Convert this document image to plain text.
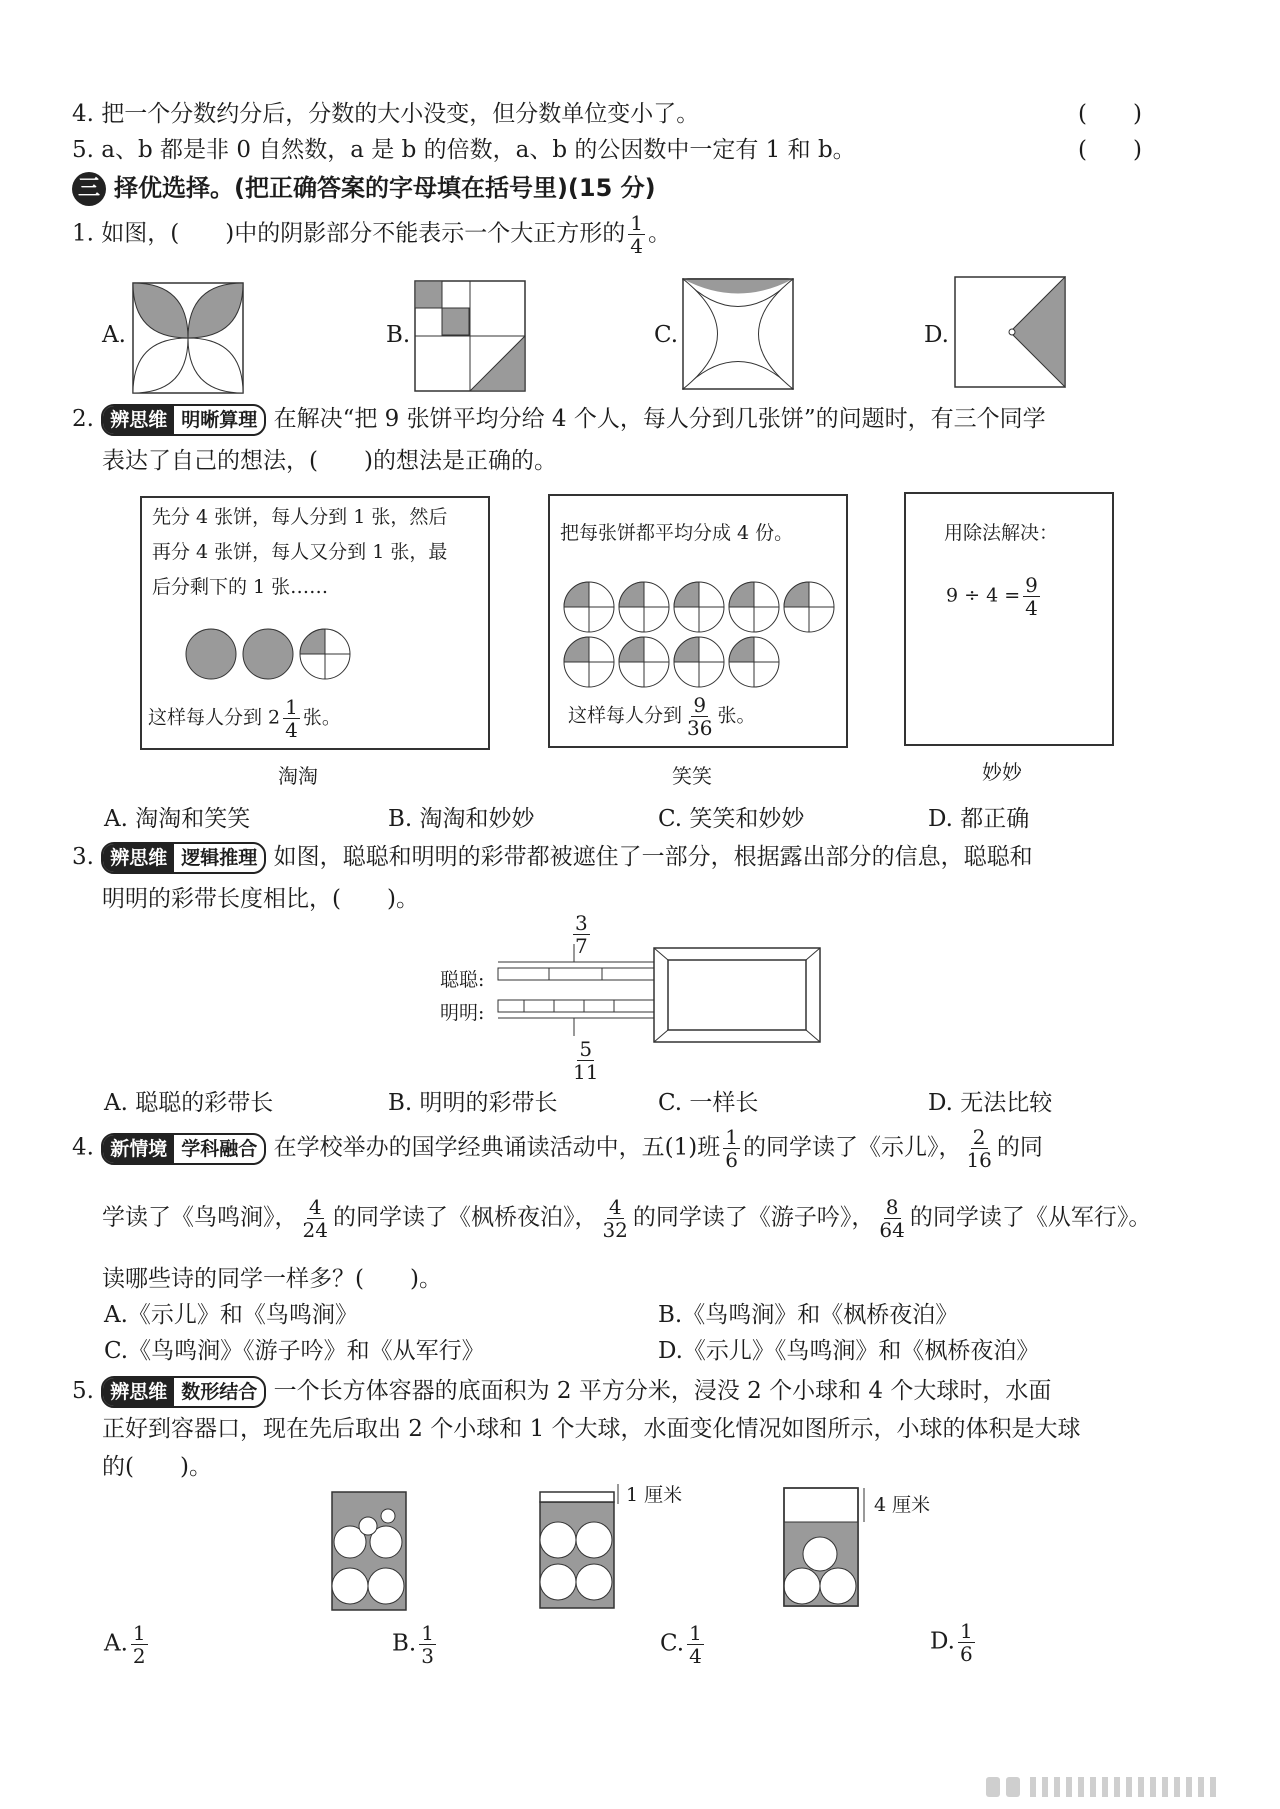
4. 把一个分数约分后，分数的大小没变，但分数单位变小了。	(　　)
5. a、b 都是非 0 自然数，a 是 b 的倍数，a、b 的公因数中一定有 1 和 b。	(　　)
三 择优选择。(把正确答案的字母填在括号里)(15 分)
1. 如图，(　　)中的阴影部分不能表示一个大正方形的 $\frac{1}{4}$ 。
A.	B.	C.	D.
2. 辨思维 明晰算理 在解决“把 9 张饼平均分给 4 个人，每人分到几张饼”的问题时，有三个同学
表达了自己的想法，(　　)的想法是正确的。
先分 4 张饼，每人分到 1 张，然后
再分 4 张饼，每人又分到 1 张，最
后分剩下的 1 张……
这样每人分到 $2 \frac{1}{4}$ 张。
淘淘
把每张饼都平均分成 4 份。
这样每人分到 $\frac{9}{36}$ 张。
笑笑
用除法解决：
$9 \div 4 = \frac{9}{4}$
妙妙
A. 淘淘和笑笑	B. 淘淘和妙妙	C. 笑笑和妙妙	D. 都正确
3. 辨思维 逻辑推理 如图，聪聪和明明的彩带都被遮住了一部分，根据露出部分的信息，聪聪和
明明的彩带长度相比，(　　)。
$\frac{3}{7}$
聪聪:
明明:
$\frac{5}{11}$
A. 聪聪的彩带长	B. 明明的彩带长	C. 一样长	D. 无法比较
4. 新情境 学科融合 在学校举办的国学经典诵读活动中，五(1)班 $\frac{1}{6}$ 的同学读了《示儿》， $\frac{2}{16}$ 的同
学读了《鸟鸣涧》， $\frac{4}{24}$ 的同学读了《枫桥夜泊》， $\frac{4}{32}$ 的同学读了《游子吟》， $\frac{8}{64}$ 的同学读了《从军行》。
读哪些诗的同学一样多？(　　)。
A.《示儿》和《鸟鸣涧》	B.《鸟鸣涧》和《枫桥夜泊》
C.《鸟鸣涧》《游子吟》和《从军行》	D.《示儿》《鸟鸣涧》和《枫桥夜泊》
5. 辨思维 数形结合 一个长方体容器的底面积为 2 平方分米，浸没 2 个小球和 4 个大球时，水面
正好到容器口，现在先后取出 2 个小球和 1 个大球，水面变化情况如图所示，小球的体积是大球
的(　　)。
1 厘米	4 厘米
A. $\frac{1}{2}$	B. $\frac{1}{3}$	C. $\frac{1}{4}$	D. $\frac{1}{6}$
